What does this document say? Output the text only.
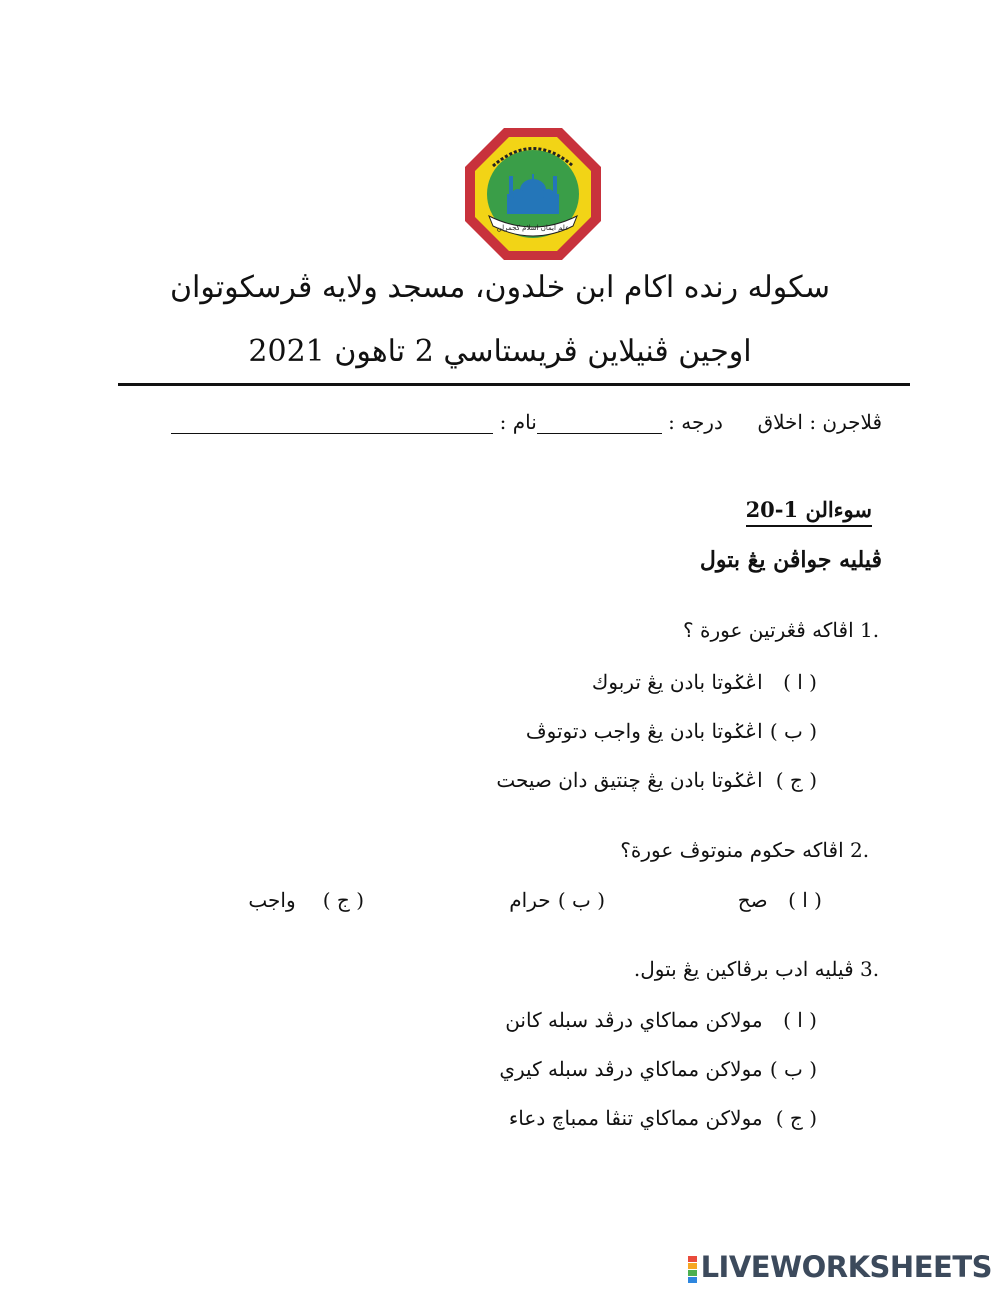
علم ايمان اسلام كجمرلن
سكوله رنده اكام ابن خلدون، مسجد ولايه ڤرسكوتوان
اوجين ڤنيلاين ڤريستاسي 2 تاهون 2021
ڤلاجرن : اخلاق  درجه : نام :
سوءالن 1-20
ڤيليه جواڤن يڠ بتول
1. اڤاكه ڤڠرتين عورة ؟
( ا ) اڠݢوتا بادن يڠ تربوك
( ب ) اڠݢوتا بادن يڠ واجب دتوتوڤ
( ج ) اڠݢوتا بادن يڠ چنتيق دان صيحت
2. اڤاكه حكوم منوتوڤ عورة؟
( ا ) صح
( ب ) حرام
( ج ) واجب
3. ڤيليه ادب برڤاكين يڠ بتول.
( ا ) مولاكن مماكاي درڤد سبله كانن
( ب ) مولاكن مماكاي درڤد سبله كيري
( ج ) مولاكن مماكاي تنڤا ممباچ دعاء
LIVEWORKSHEETS
